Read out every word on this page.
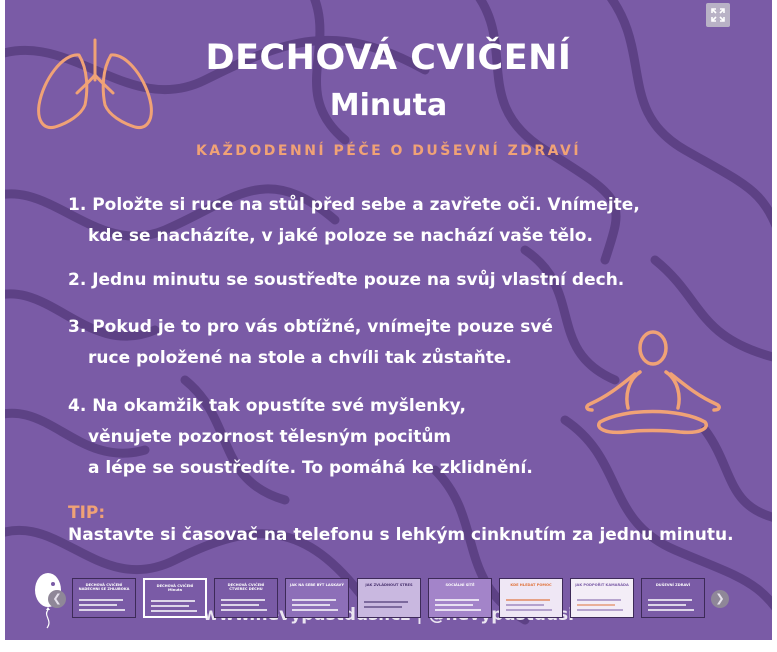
DECHOVÁ CVIČENÍ
Minuta
KAŽDODENNÍ PÉČE O DUŠEVNÍ ZDRAVÍ
1. Položte si ruce na stůl před sebe a zavřete oči. Vnímejte,
kde se nacházíte, v jaké poloze se nachází vaše tělo.
2. Jednu minutu se soustřeďte pouze na svůj vlastní dech.
3. Pokud je to pro vás obtížné, vnímejte pouze své
ruce položené na stole a chvíli tak zůstaňte.
4. Na okamžik tak opustíte své myšlenky,
věnujete pozornost tělesným pocitům
a lépe se soustředíte. To pomáhá ke zklidnění.
TIP:
Nastavte si časovač na telefonu s lehkým cinknutím za jednu minutu.
❮
DECHOVÁ CVIČENÍ NADECHNI SE ZHLUBOKA
DECHOVÁ CVIČENÍ Minuta
DECHOVÁ CVIČENÍ ČTVEREC DECHU
JAK NA SEBE BÝT LASKAVÝ	JAK ZVLÁDNOUT STRES	SOCIÁLNÍ SÍTĚ	KDE HLEDAT POMOC	JAK PODPOŘIT KAMARÁDA	DUŠEVNÍ ZDRAVÍ
❯
